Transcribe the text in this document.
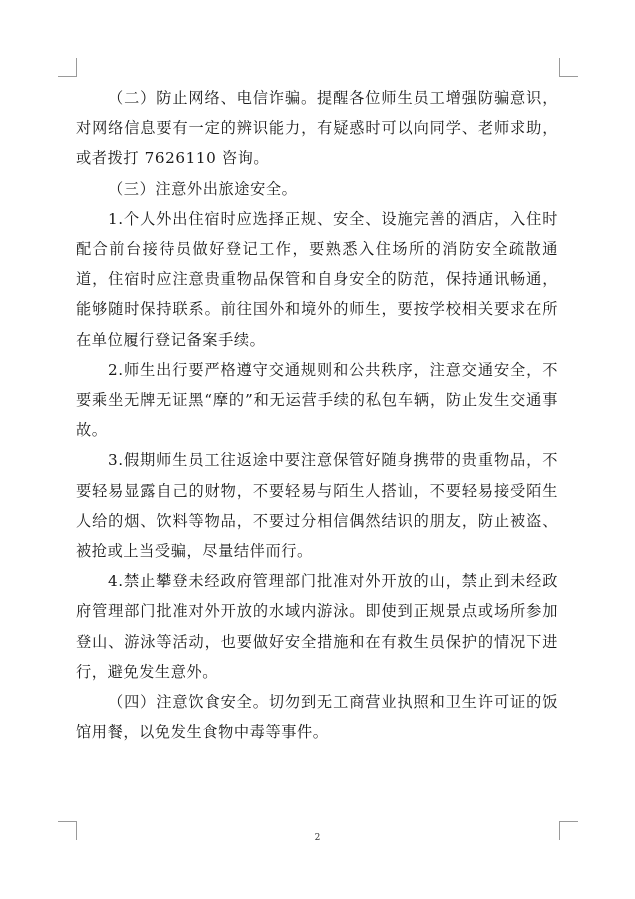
（二）防止网络、电信诈骗。提醒各位师生员工增强防骗意识，对网络信息要有一定的辨识能力，有疑惑时可以向同学、老师求助，或者拨打 7626110 咨询。

（三）注意外出旅途安全。

1.个人外出住宿时应选择正规、安全、设施完善的酒店，入住时配合前台接待员做好登记工作，要熟悉入住场所的消防安全疏散通道，住宿时应注意贵重物品保管和自身安全的防范，保持通讯畅通，能够随时保持联系。前往国外和境外的师生，要按学校相关要求在所在单位履行登记备案手续。

2.师生出行要严格遵守交通规则和公共秩序，注意交通安全，不要乘坐无牌无证黑“摩的”和无运营手续的私包车辆，防止发生交通事故。

3.假期师生员工往返途中要注意保管好随身携带的贵重物品，不要轻易显露自己的财物，不要轻易与陌生人搭讪，不要轻易接受陌生人给的烟、饮料等物品，不要过分相信偶然结识的朋友，防止被盗、被抢或上当受骗，尽量结伴而行。

4.禁止攀登未经政府管理部门批准对外开放的山，禁止到未经政府管理部门批准对外开放的水域内游泳。即使到正规景点或场所参加登山、游泳等活动，也要做好安全措施和在有救生员保护的情况下进行，避免发生意外。

（四）注意饮食安全。切勿到无工商营业执照和卫生许可证的饭馆用餐，以免发生食物中毒等事件。

2
